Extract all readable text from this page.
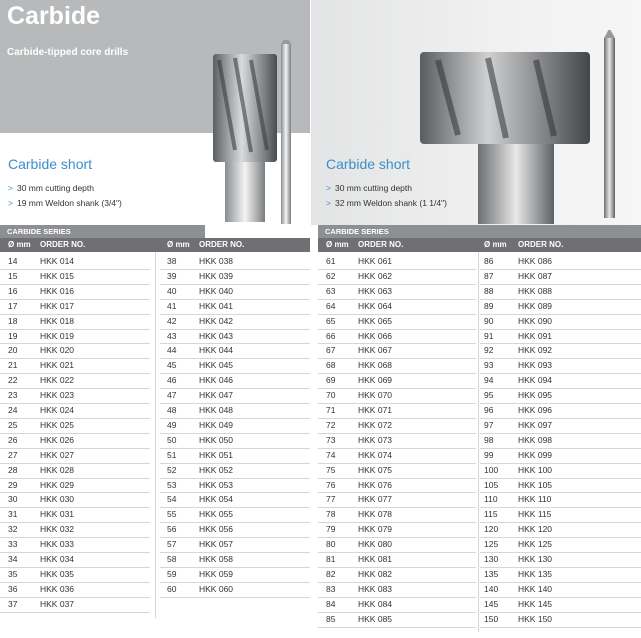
Carbide
Carbide-tipped core drills
Carbide short
> 30 mm cutting depth
> 19 mm Weldon shank (3/4")
CARBIDE SERIES
Carbide short
> 30 mm cutting depth
> 32 mm Weldon shank (1 1/4")
CARBIDE SERIES
Ø mm ORDER NO.
14	HKK 014
15	HKK 015
16	HKK 016
17	HKK 017
18	HKK 018
19	HKK 019
20	HKK 020
21	HKK 021
22	HKK 022
23	HKK 023
24	HKK 024
25	HKK 025
26	HKK 026
27	HKK 027
28	HKK 028
29	HKK 029
30	HKK 030
31	HKK 031
32	HKK 032
33	HKK 033
34	HKK 034
35	HKK 035
36	HKK 036
37	HKK 037
Ø mm ORDER NO.
38	HKK 038
39	HKK 039
40	HKK 040
41	HKK 041
42	HKK 042
43	HKK 043
44	HKK 044
45	HKK 045
46	HKK 046
47	HKK 047
48	HKK 048
49	HKK 049
50	HKK 050
51	HKK 051
52	HKK 052
53	HKK 053
54	HKK 054
55	HKK 055
56	HKK 056
57	HKK 057
58	HKK 058
59	HKK 059
60	HKK 060
Ø mm ORDER NO.
61	HKK 061
62	HKK 062
63	HKK 063
64	HKK 064
65	HKK 065
66	HKK 066
67	HKK 067
68	HKK 068
69	HKK 069
70	HKK 070
71	HKK 071
72	HKK 072
73	HKK 073
74	HKK 074
75	HKK 075
76	HKK 076
77	HKK 077
78	HKK 078
79	HKK 079
80	HKK 080
81	HKK 081
82	HKK 082
83	HKK 083
84	HKK 084
85	HKK 085
Ø mm ORDER NO.
86	HKK 086
87	HKK 087
88	HKK 088
89	HKK 089
90	HKK 090
91	HKK 091
92	HKK 092
93	HKK 093
94	HKK 094
95	HKK 095
96	HKK 096
97	HKK 097
98	HKK 098
99	HKK 099
100 HKK 100
105 HKK 105
110 HKK 110
115 HKK 115
120 HKK 120
125 HKK 125
130 HKK 130
135 HKK 135
140 HKK 140
145 HKK 145
150 HKK 150
